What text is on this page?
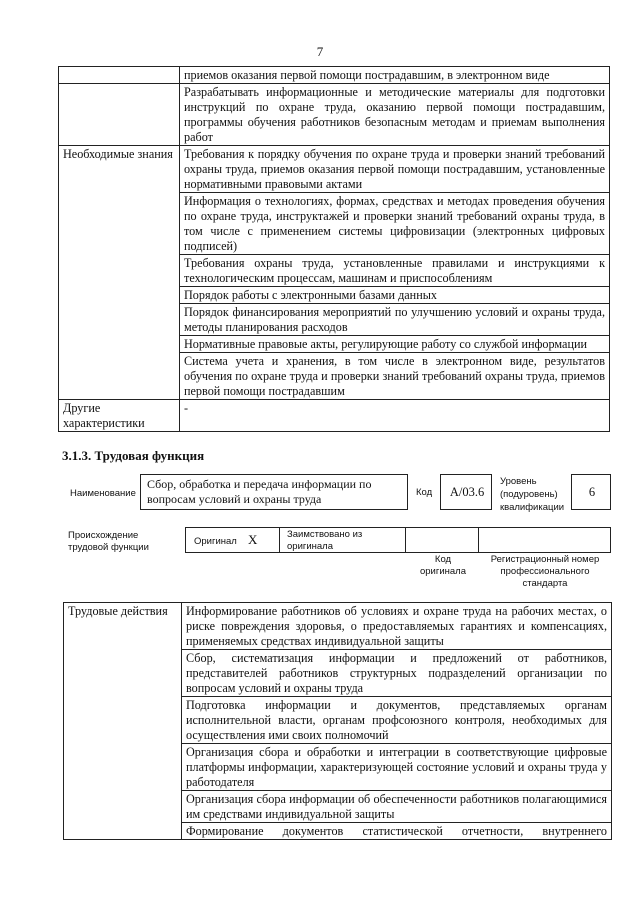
7
	приемов оказания первой помощи пострадавшим, в электронном виде
	Разрабатывать информационные и методические материалы для подготовки инструкций по охране труда, оказанию первой помощи пострадавшим, программы обучения работников безопасным методам и приемам выполнения работ
Необходимые знания	Требования к порядку обучения по охране труда и проверки знаний требований охраны труда, приемов оказания первой помощи пострадавшим, установленные нормативными правовыми актами
	Информация о технологиях, формах, средствах и методах проведения обучения по охране труда, инструктажей и проверки знаний требований охраны труда, в том числе с применением системы цифровизации (электронных цифровых подписей)
	Требования охраны труда, установленные правилами и инструкциями к технологическим процессам, машинам и приспособлениям
	Порядок работы с электронными базами данных
	Порядок финансирования мероприятий по улучшению условий и охраны труда, методы планирования расходов
	Нормативные правовые акты, регулирующие работу со службой информации
	Система учета и хранения, в том числе в электронном виде, результатов обучения по охране труда и проверки знаний требований охраны труда, приемов первой помощи пострадавшим
Другие характеристики	-
3.1.3. Трудовая функция
Наименование
Сбор, обработка и передача информации по вопросам условий и охраны труда	Код	А/03.6
Уровень (подуровень) квалификации
6
Происхождение трудовой функции
Оригинал X	Заимствовано из оригинала
Код оригинала
Регистрационный номер профессионального стандарта
Трудовые действия	Информирование работников об условиях и охране труда на рабочих местах, о риске повреждения здоровья, о предоставляемых гарантиях и компенсациях, применяемых средствах индивидуальной защиты
Сбор, систематизация информации и предложений от работников, представителей работников структурных подразделений организации по вопросам условий и охраны труда
Подготовка информации и документов, представляемых органам исполнительной власти, органам профсоюзного контроля, необходимых для осуществления ими своих полномочий
Организация сбора и обработки и интеграции в соответствующие цифровые платформы информации, характеризующей состояние условий и охраны труда у работодателя
Организация сбора информации об обеспеченности работников полагающимися им средствами индивидуальной защиты
Формирование документов статистической отчетности, внутреннего
